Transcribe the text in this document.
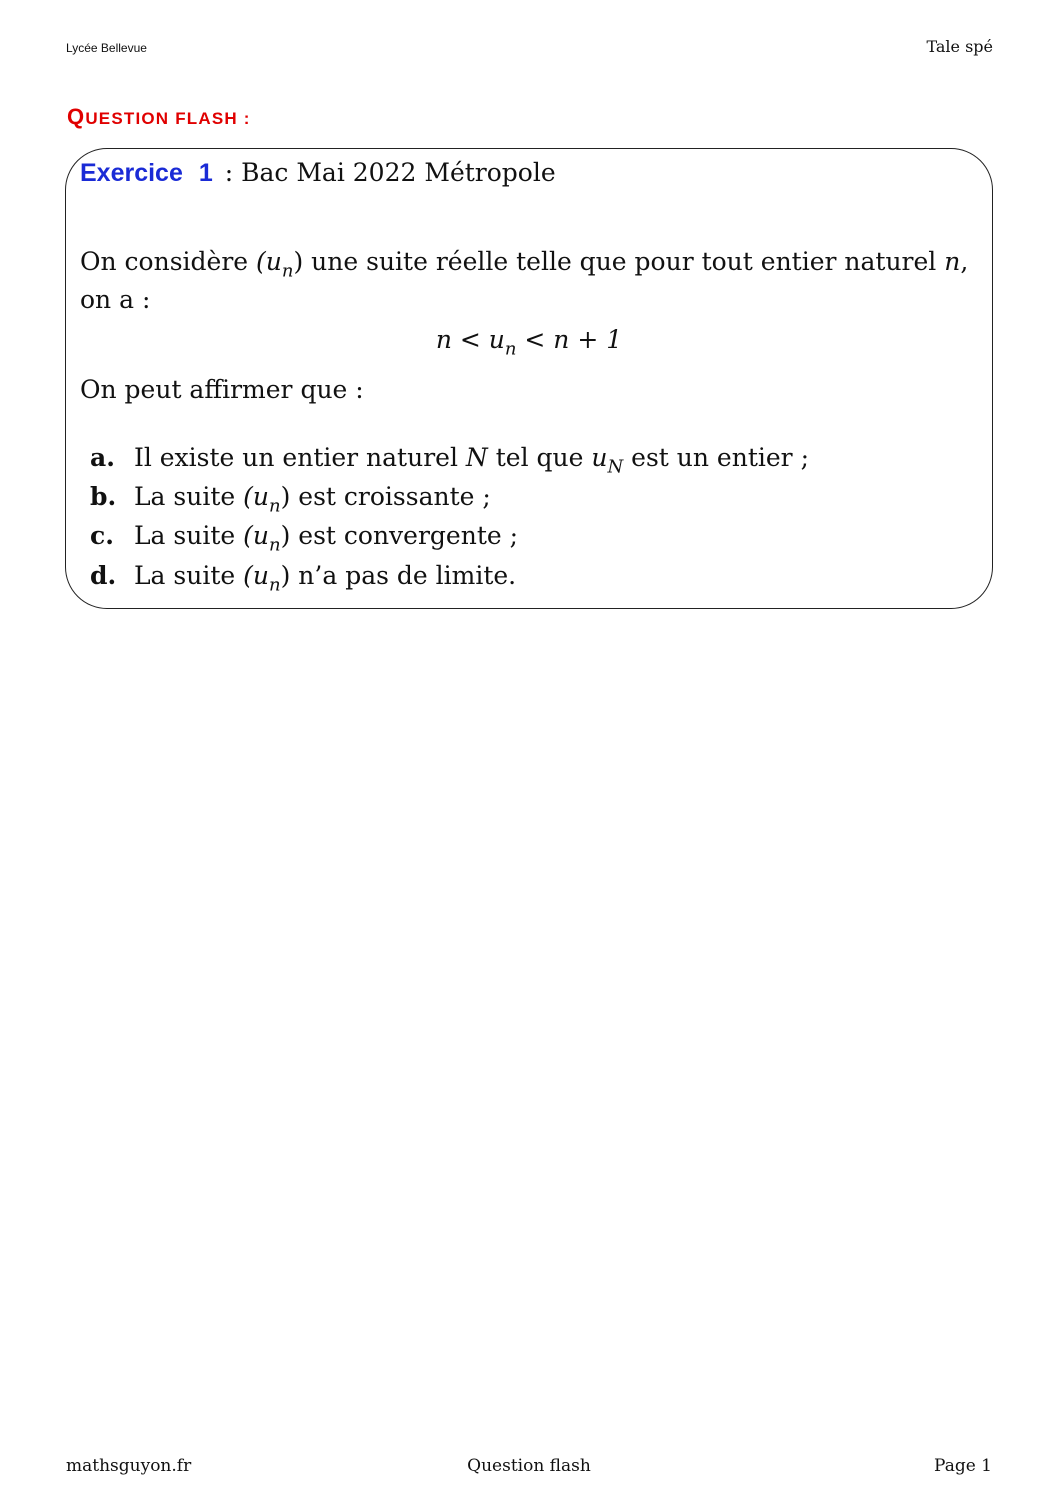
Lycée Bellevue	Tale spé
QUESTION FLASH :
Exercice 1 : Bac Mai 2022 Métropole
On considère $(u_n)$ une suite réelle telle que pour tout entier naturel n,
on a :
$n < u_n < n + 1$
On peut affirmer que :
a. Il existe un entier naturel N tel que $u_N$ est un entier ;
b. La suite $(u_n)$ est croissante ;
c. La suite $(u_n)$ est convergente ;
d. La suite $(u_n)$ n’a pas de limite.
mathsguyon.fr	Question flash	Page 1
